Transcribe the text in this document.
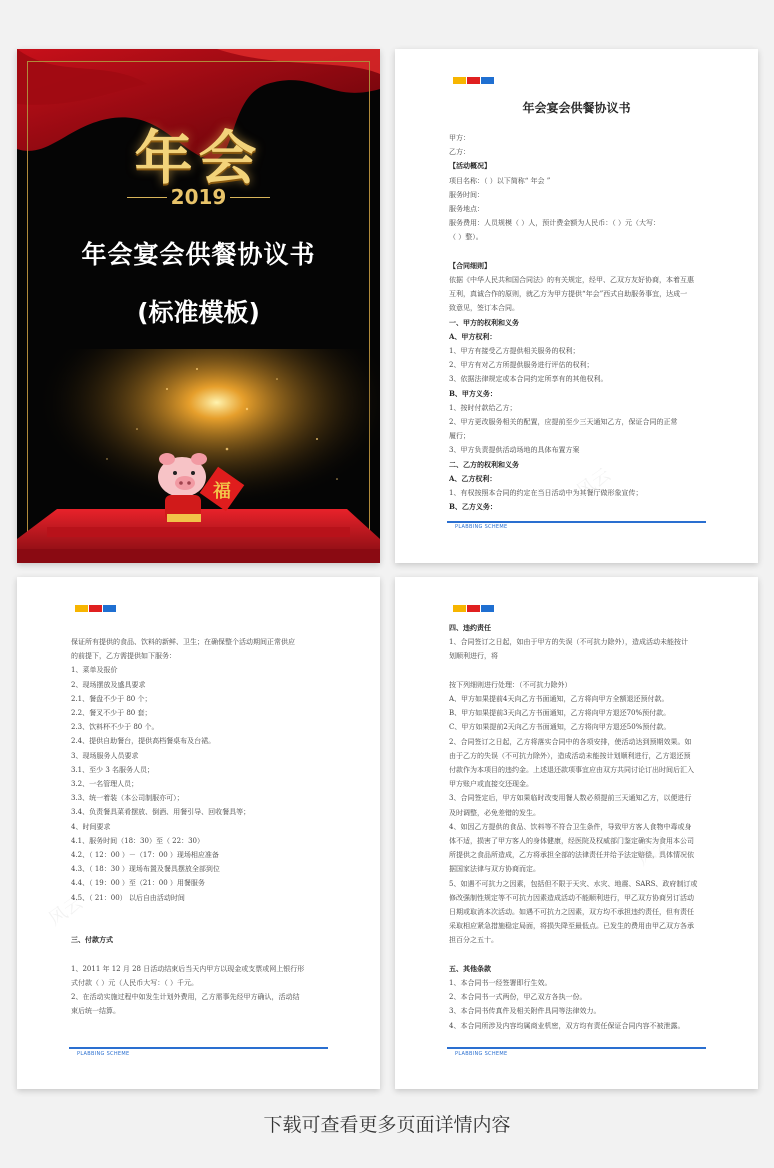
年会
2019
年会宴会供餐协议书
(标准模板)
福
年会宴会供餐协议书

甲方：

乙方：

【活动概况】

项目名称：（ ）以下简称“ 年会 ”

服务时间：

服务地点：

服务费用：人员规模（ ）人，预计费金额为人民币：（ ）元（大写：

（ ）整）。

【合同细则】

依据《中华人民共和国合同法》的有关规定，经甲、乙双方友好协商，本着互惠

互利，真诚合作的原则，就乙方为甲方提供“年会”西式自助服务事宜，达成一

致意见，签订本合同。

一、甲方的权利和义务

A、甲方权利：

1、甲方有接受乙方提供相关服务的权利；

2、甲方有对乙方所提供服务进行评估的权利；

3、依据法律规定或本合同约定所享有的其他权利。

B、甲方义务：

1、按时付款给乙方；

2、甲方更改服务相关的配置，应提前至少三天通知乙方，保证合同的正常

履行；

3、甲方负责提供活动场地的具体布置方案

二、乙方的权利和义务

A、乙方权利：

1、有权按照本合同的约定在当日活动中为其餐厅做形象宣传；

B、乙方义务：

PLABBING SCHEME
风云

保证所有提供的食品、饮料的新鲜、卫生；在确保整个活动期间正常供应

的前提下，乙方需提供如下服务：

1、菜单及报价

2、现场摆放及盛具要求

2.1、餐盘不少于 80 个；

2.2、餐叉不少于 80 套；

2.3、饮料杯不少于 80 个。

2.4、提供自助餐台，提供高档餐桌布及台裙。

3、现场服务人员要求

3.1、至少 3 名服务人员；

3.2、一名管理人员；

3.3、统一着装（本公司制服亦可）；

3.4、负责餐具菜肴摆放、倒酒、用餐引导、回收餐具等；

4、时间要求

4.1、服务时间（18：30）至（ 22：30）

4.2、（ 12：00 ）－（17：00 ）现场相应准备

4.3、（ 18：30 ）现场布置及餐具摆放全部到位

4.4、（ 19：00 ）至（21：00 ）用餐服务

4.5、（ 21：00） 以后自由活动时间

三、付款方式

1、2011 年 12 月 28 日活动结束后当天内甲方以现金或支票或网上银行形

式付款（ ）元（人民币大写：（ ）千元。

2、在活动实施过程中如发生计划外费用，乙方需事先经甲方确认，活动结

束后统一结算。

PLABBING SCHEME
风云

四、违约责任

1、合同签订之日起，如由于甲方的失误（不可抗力除外），造成活动未能按计

划顺利进行，将

按下列细则进行处理：（不可抗力除外）

A、甲方如果提前4天向乙方书面通知，乙方将向甲方全额退还预付款。

B、甲方如果提前3天向乙方书面通知，乙方将向甲方退还70%预付款。

C、甲方如果提前2天向乙方书面通知，乙方将向甲方退还50%预付款。

2、合同签订之日起，乙方将落实合同中的各项安排，使活动达到预期效果。如

由于乙方的失误（不可抗力除外），造成活动未能按计划顺利进行，乙方退还预

付款作为本项目的违约金。上述退还款项事宜应由双方共同讨论订出时间后汇入

甲方账户或直接交还现金。

3、合同签定后，甲方如果临时改变用餐人数必须提前三天通知乙方，以便进行

及时调整，必免差错的发生。

4、如因乙方提供的食品、饮料等不符合卫生条件，导致甲方客人食物中毒或身

体不适，损害了甲方客人的身体健康，经医院及权威部门鉴定确实为食用本公司

所提供之食品所造成，乙方将承担全部的法律责任并给予法定赔偿，具体情况依

据国家法律与双方协商而定。

5、如遇不可抗力之因素，包括但不限于天灾、水灾、地震、SARS、政府制订或

修改强制性规定等不可抗力因素造成活动不能顺利进行，甲乙双方协商另订活动

日期或取消本次活动。如遇不可抗力之因素，双方均不承担违约责任，但有责任

采取相应紧急措施稳定局面，将损失降至最低点。已发生的费用由甲乙双方各承

担百分之五十。

五、其他条款

1、本合同书一经签署即行生效。

2、本合同书一式两份，甲乙双方各执一份。

3、本合同书传真件及相关附件具同等法律效力。

4、本合同所涉及内容均属商业机密，双方均有责任保证合同内容不被泄露。

PLABBING SCHEME
风云
下载可查看更多页面详情内容
